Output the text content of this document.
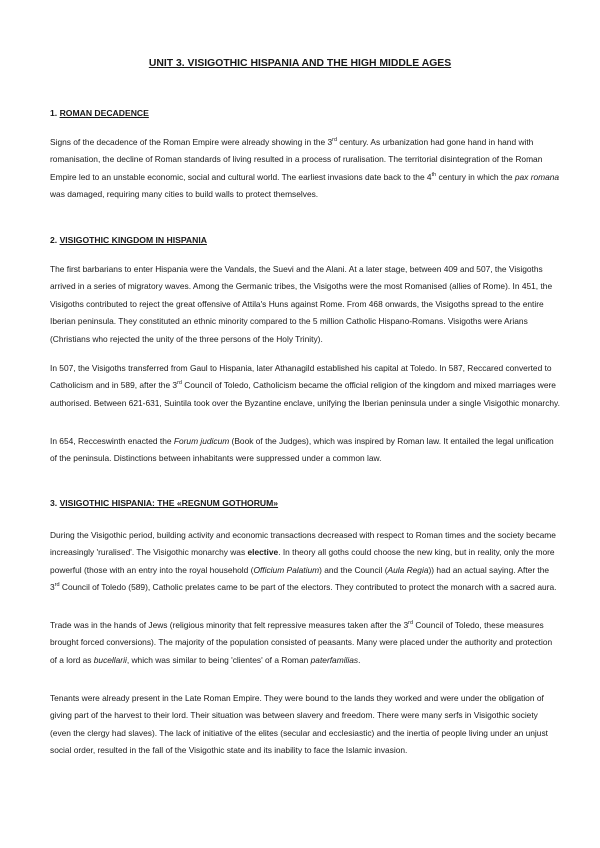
UNIT 3. VISIGOTHIC HISPANIA AND THE HIGH MIDDLE AGES
1. ROMAN DECADENCE

Signs of the decadence of the Roman Empire were already showing in the 3rd century. As urbanization had gone hand in hand with romanisation, the decline of Roman standards of living resulted in a process of ruralisation. The territorial disintegration of the Roman Empire led to an unstable economic, social and cultural world. The earliest invasions date back to the 4th century in which the pax romana was damaged, requiring many cities to build walls to protect themselves.

2. VISIGOTHIC KINGDOM IN HISPANIA

The first barbarians to enter Hispania were the Vandals, the Suevi and the Alani. At a later stage, between 409 and 507, the Visigoths arrived in a series of migratory waves. Among the Germanic tribes, the Visigoths were the most Romanised (allies of Rome). In 451, the Visigoths contributed to reject the great offensive of Attila's Huns against Rome. From 468 onwards, the Visigoths spread to the entire Iberian peninsula. They constituted an ethnic minority compared to the 5 million Catholic Hispano-Romans. Visigoths were Arians (Christians who rejected the unity of the three persons of the Holy Trinity).

In 507, the Visigoths transferred from Gaul to Hispania, later Athanagild established his capital at Toledo. In 587, Reccared converted to Catholicism and in 589, after the 3rd Council of Toledo, Catholicism became the official religion of the kingdom and mixed marriages were authorised. Between 621-631, Suintila took over the Byzantine enclave, unifying the Iberian peninsula under a single Visigothic monarchy.

In 654, Recceswinth enacted the Forum judicum (Book of the Judges), which was inspired by Roman law. It entailed the legal unification of the peninsula. Distinctions between inhabitants were suppressed under a common law.

3. VISIGOTHIC HISPANIA: THE «REGNUM GOTHORUM»

During the Visigothic period, building activity and economic transactions decreased with respect to Roman times and the society became increasingly 'ruralised'. The Visigothic monarchy was elective. In theory all goths could choose the new king, but in reality, only the more powerful (those with an entry into the royal household (Officium Palatium) and the Council (Aula Regia)) had an actual saying. After the 3rd Council of Toledo (589), Catholic prelates came to be part of the electors. They contributed to protect the monarch with a sacred aura.

Trade was in the hands of Jews (religious minority that felt repressive measures taken after the 3rd Council of Toledo, these measures brought forced conversions). The majority of the population consisted of peasants. Many were placed under the authority and protection of a lord as bucellarii, which was similar to being 'clientes' of a Roman paterfamilias.

Tenants were already present in the Late Roman Empire. They were bound to the lands they worked and were under the obligation of giving part of the harvest to their lord. Their situation was between slavery and freedom. There were many serfs in Visigothic society (even the clergy had slaves). The lack of initiative of the elites (secular and ecclesiastic) and the inertia of people living under an unjust social order, resulted in the fall of the Visigothic state and its inability to face the Islamic invasion.
